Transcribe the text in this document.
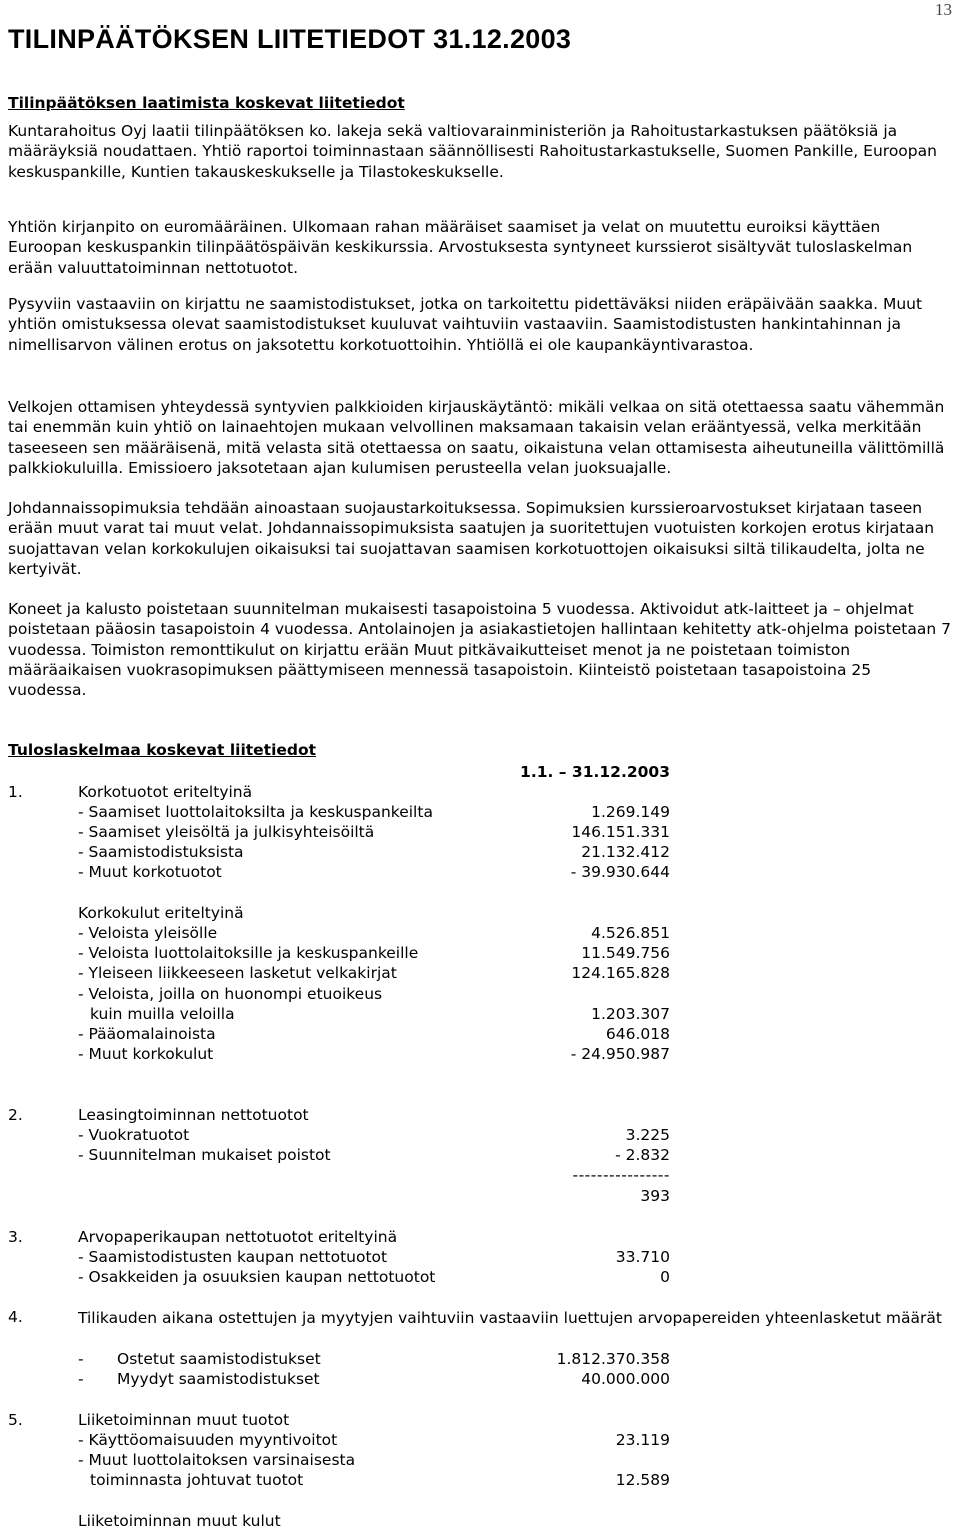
13
TILINPÄÄTÖKSEN LIITETIEDOT 31.12.2003
Tilinpäätöksen laatimista koskevat liitetiedot

Kuntarahoitus Oyj laatii tilinpäätöksen ko. lakeja sekä valtiovarainministeriön ja Rahoitustarkastuksen päätöksiä ja määräyksiä noudattaen. Yhtiö raportoi toiminnastaan säännöllisesti Rahoitustarkastukselle, Suomen Pankille, Euroopan keskuspankille, Kuntien takauskeskukselle ja Tilastokeskukselle.

Yhtiön kirjanpito on euromääräinen. Ulkomaan rahan määräiset saamiset ja velat on muutettu euroiksi käyttäen Euroopan keskuspankin tilinpäätöspäivän keskikurssia. Arvostuksesta syntyneet kurssierot sisältyvät tuloslaskelman erään valuuttatoiminnan nettotuotot.

Pysyviin vastaaviin on kirjattu ne saamistodistukset, jotka on tarkoitettu pidettäväksi niiden eräpäivään saakka. Muut yhtiön omistuksessa olevat saamistodistukset kuuluvat vaihtuviin vastaaviin. Saamistodistusten hankintahinnan ja nimellisarvon välinen erotus on jaksotettu korkotuottoihin. Yhtiöllä ei ole kaupankäyntivarastoa.

Velkojen ottamisen yhteydessä syntyvien palkkioiden kirjauskäytäntö: mikäli velkaa on sitä otettaessa saatu vähemmän tai enemmän kuin yhtiö on lainaehtojen mukaan velvollinen maksamaan takaisin velan erääntyessä, velka merkitään taseeseen sen määräisenä, mitä velasta sitä otettaessa on saatu, oikaistuna velan ottamisesta aiheutuneilla välittömillä palkkiokuluilla. Emissioero jaksotetaan ajan kulumisen perusteella velan juoksuajalle.

Johdannaissopimuksia tehdään ainoastaan suojaustarkoituksessa. Sopimuksien kurssieroarvostukset kirjataan taseen erään muut varat tai muut velat. Johdannaissopimuksista saatujen ja suoritettujen vuotuisten korkojen erotus kirjataan suojattavan velan korkokulujen oikaisuksi tai suojattavan saamisen korkotuottojen oikaisuksi siltä tilikaudelta, jolta ne kertyivät.

Koneet ja kalusto poistetaan suunnitelman mukaisesti tasapoistoina 5 vuodessa. Aktivoidut atk-laitteet ja – ohjelmat poistetaan pääosin tasapoistoin 4 vuodessa. Antolainojen ja asiakastietojen hallintaan kehitetty atk-ohjelma poistetaan 7 vuodessa. Toimiston remonttikulut on kirjattu erään Muut pitkävaikutteiset menot ja ne poistetaan toimiston määräaikaisen vuokrasopimuksen päättymiseen mennessä tasapoistoin. Kiinteistö poistetaan tasapoistoina 25 vuodessa.

Tuloslaskelmaa koskevat liitetiedot
1.1. – 31.12.2003
1.	Korkotuotot eriteltyinä
- Saamiset luottolaitoksilta ja keskuspankeilta	1.269.149
- Saamiset yleisöltä ja julkisyhteisöiltä	146.151.331
- Saamistodistuksista	21.132.412
- Muut korkotuotot	- 39.930.644
Korkokulut eriteltyinä
- Veloista yleisölle	4.526.851
- Veloista luottolaitoksille ja keskuspankeille	11.549.756
- Yleiseen liikkeeseen lasketut velkakirjat	124.165.828
- Veloista, joilla on huonompi etuoikeus
kuin muilla veloilla	1.203.307
- Pääomalainoista	646.018
- Muut korkokulut	- 24.950.987
2.	Leasingtoiminnan nettotuotot
- Vuokratuotot	3.225
- Suunnitelman mukaiset poistot	- 2.832
----------------
393
3.	Arvopaperikaupan nettotuotot eriteltyinä
- Saamistodistusten kaupan nettotuotot	33.710
- Osakkeiden ja osuuksien kaupan nettotuotot	0
4.	Tilikauden aikana ostettujen ja myytyjen vaihtuviin vastaaviin luettujen arvopapereiden yhteenlasketut määrät
- Ostetut saamistodistukset	1.812.370.358
- Myydyt saamistodistukset	40.000.000
5.	Liiketoiminnan muut tuotot
- Käyttöomaisuuden myyntivoitot	23.119
- Muut luottolaitoksen varsinaisesta
toiminnasta johtuvat tuotot	12.589
Liiketoiminnan muut kulut
